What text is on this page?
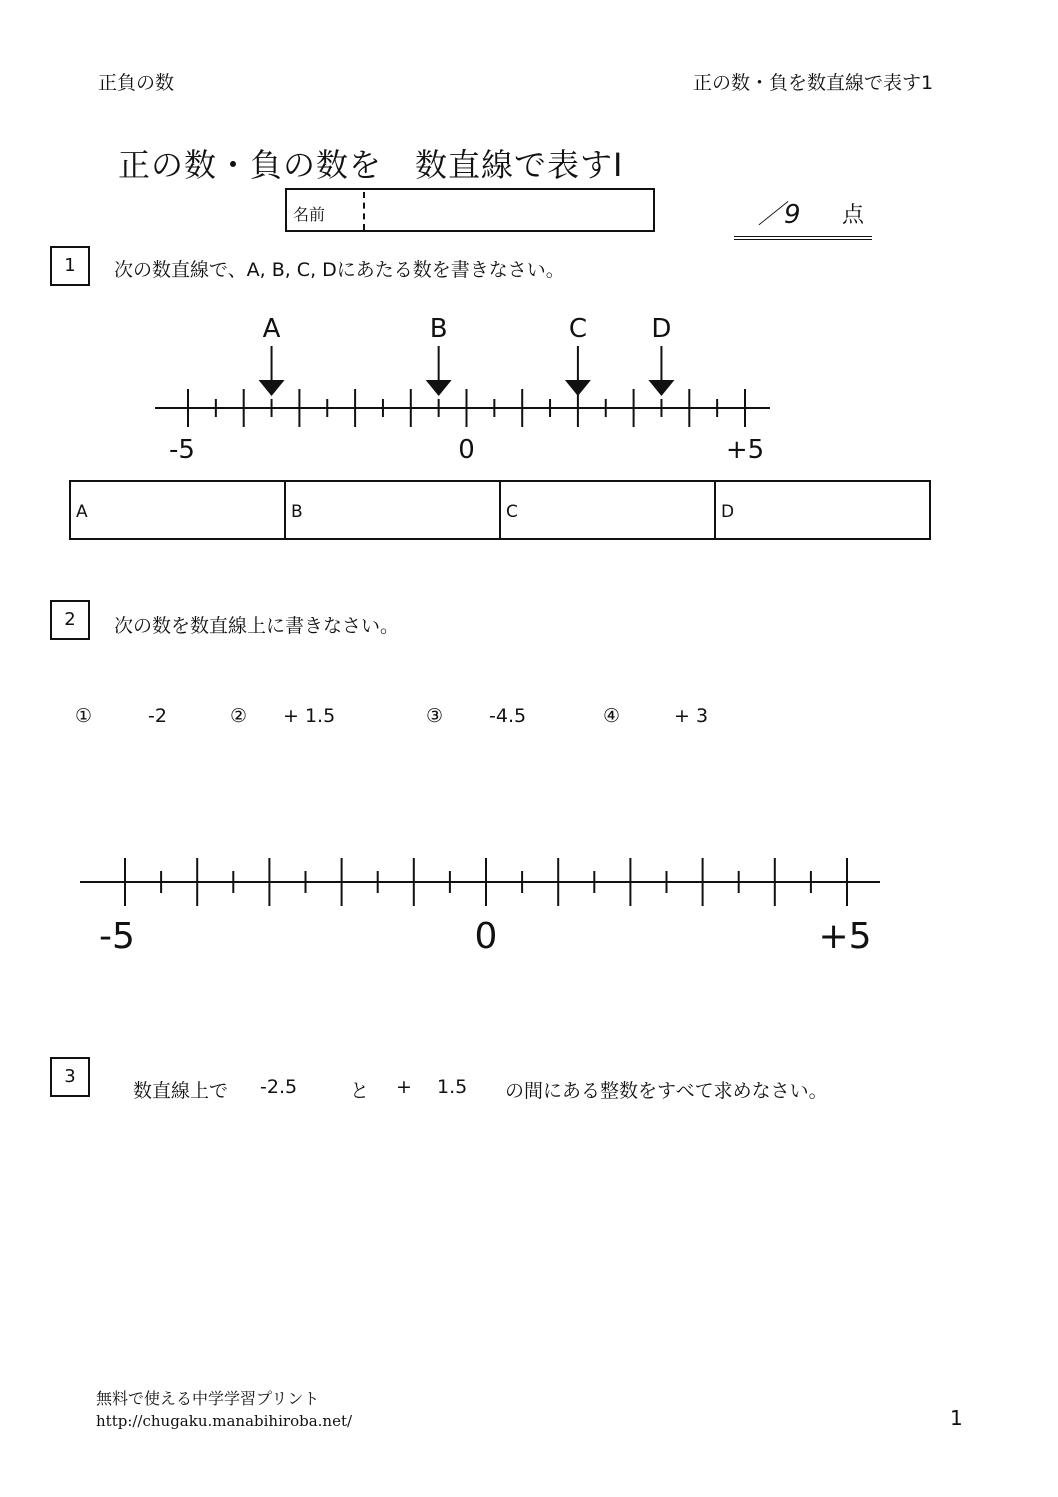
正負の数	正の数・負を数直線で表す1
正の数・負の数を　数直線で表すⅠ
名前	／9 点
1	次の数直線で、A, B, C, Dにあたる数を書きなさい。
-5	0	+5
A	B	C D
A	B	C	D
2	次の数を数直線上に書きなさい。
①	-2	② + 1.5	③ -4.5	④	+ 3
-5	0	+5
3
数直線上で -2.5	と + 1.5 の間にある整数をすべて求めなさい。
無料で使える中学学習プリント
http://chugaku.manabihiroba.net/	1
